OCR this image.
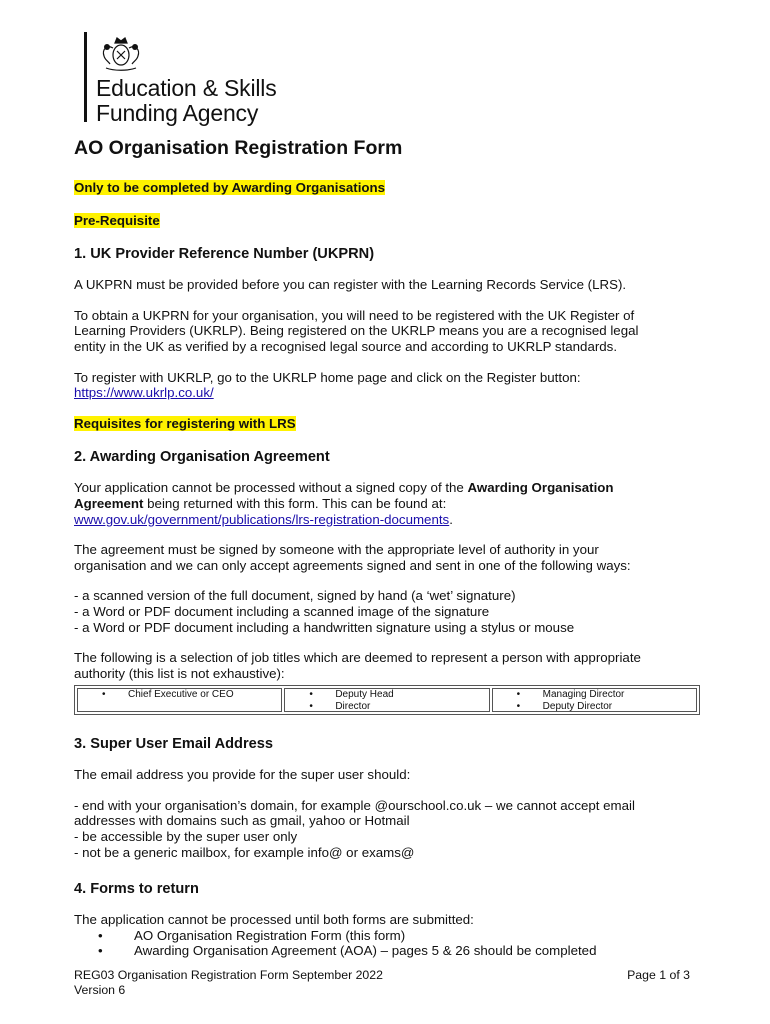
Education & Skills
Funding Agency
AO Organisation Registration Form

Only to be completed by Awarding Organisations

Pre-Requisite

1. UK Provider Reference Number (UKPRN)

A UKPRN must be provided before you can register with the Learning Records Service (LRS).

To obtain a UKPRN for your organisation, you will need to be registered with the UK Register of
Learning Providers (UKRLP). Being registered on the UKRLP means you are a recognised legal
entity in the UK as verified by a recognised legal source and according to UKRLP standards.
To register with UKRLP, go to the UKRLP home page and click on the Register button:
https://www.ukrlp.co.uk/

Requisites for registering with LRS

2. Awarding Organisation Agreement
Your application cannot be processed without a signed copy of the Awarding Organisation
Agreement being returned with this form. This can be found at:
www.gov.uk/government/publications/lrs-registration-documents.
The agreement must be signed by someone with the appropriate level of authority in your
organisation and we can only accept agreements signed and sent in one of the following ways:
- a scanned version of the full document, signed by hand (a ‘wet’ signature)
- a Word or PDF document including a scanned image of the signature
- a Word or PDF document including a handwritten signature using a stylus or mouse
The following is a selection of job titles which are deemed to represent a person with appropriate
authority (this list is not exhaustive):
• Chief Executive or CEO
•	Deputy Head
• Director
• Managing Director
• Deputy Director
3. Super User Email Address

The email address you provide for the super user should:

- end with your organisation’s domain, for example @ourschool.co.uk – we cannot accept email
addresses with domains such as gmail, yahoo or Hotmail
- be accessible by the super user only
- not be a generic mailbox, for example info@ or exams@
4. Forms to return
The application cannot be processed until both forms are submitted:
• AO Organisation Registration Form (this form)
• Awarding Organisation Agreement (AOA) – pages 5 & 26 should be completed
REG03 Organisation Registration Form September 2022
Version 6
Page 1 of 3
